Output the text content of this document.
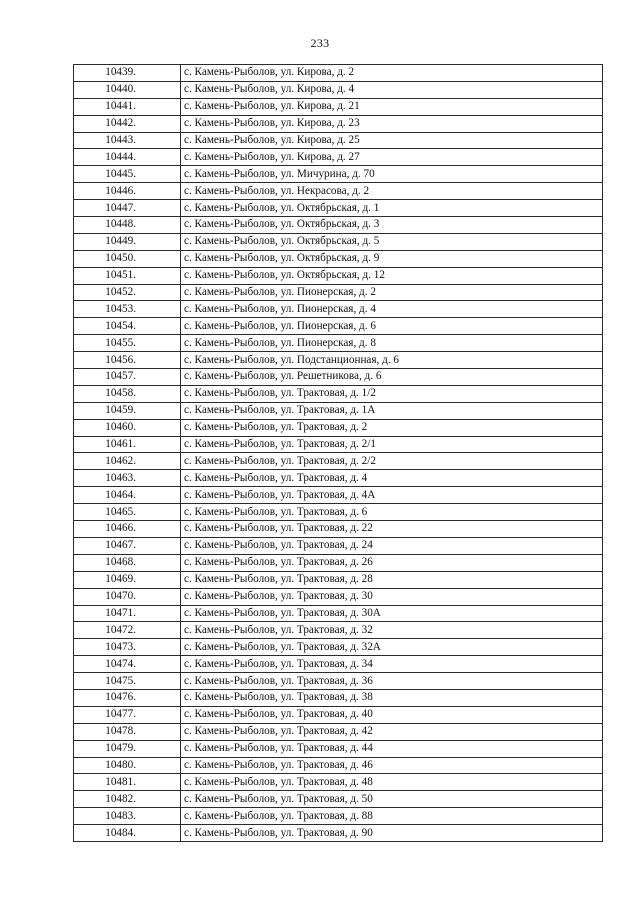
233
10439.	с. Камень-Рыболов, ул. Кирова, д. 2
10440.	с. Камень-Рыболов, ул. Кирова, д. 4
10441.	с. Камень-Рыболов, ул. Кирова, д. 21
10442.	с. Камень-Рыболов, ул. Кирова, д. 23
10443.	с. Камень-Рыболов, ул. Кирова, д. 25
10444.	с. Камень-Рыболов, ул. Кирова, д. 27
10445.	с. Камень-Рыболов, ул. Мичурина, д. 70
10446.	с. Камень-Рыболов, ул. Некрасова, д. 2
10447.	с. Камень-Рыболов, ул. Октябрьская, д. 1
10448.	с. Камень-Рыболов, ул. Октябрьская, д. 3
10449.	с. Камень-Рыболов, ул. Октябрьская, д. 5
10450.	с. Камень-Рыболов, ул. Октябрьская, д. 9
10451.	с. Камень-Рыболов, ул. Октябрьская, д. 12
10452.	с. Камень-Рыболов, ул. Пионерская, д. 2
10453.	с. Камень-Рыболов, ул. Пионерская, д. 4
10454.	с. Камень-Рыболов, ул. Пионерская, д. 6
10455.	с. Камень-Рыболов, ул. Пионерская, д. 8
10456.	с. Камень-Рыболов, ул. Подстанционная, д. 6
10457.	с. Камень-Рыболов, ул. Решетникова, д. 6
10458.	с. Камень-Рыболов, ул. Трактовая, д. 1/2
10459.	с. Камень-Рыболов, ул. Трактовая, д. 1А
10460.	с. Камень-Рыболов, ул. Трактовая, д. 2
10461.	с. Камень-Рыболов, ул. Трактовая, д. 2/1
10462.	с. Камень-Рыболов, ул. Трактовая, д. 2/2
10463.	с. Камень-Рыболов, ул. Трактовая, д. 4
10464.	с. Камень-Рыболов, ул. Трактовая, д. 4А
10465.	с. Камень-Рыболов, ул. Трактовая, д. 6
10466.	с. Камень-Рыболов, ул. Трактовая, д. 22
10467.	с. Камень-Рыболов, ул. Трактовая, д. 24
10468.	с. Камень-Рыболов, ул. Трактовая, д. 26
10469.	с. Камень-Рыболов, ул. Трактовая, д. 28
10470.	с. Камень-Рыболов, ул. Трактовая, д. 30
10471.	с. Камень-Рыболов, ул. Трактовая, д. 30А
10472.	с. Камень-Рыболов, ул. Трактовая, д. 32
10473.	с. Камень-Рыболов, ул. Трактовая, д. 32А
10474.	с. Камень-Рыболов, ул. Трактовая, д. 34
10475.	с. Камень-Рыболов, ул. Трактовая, д. 36
10476.	с. Камень-Рыболов, ул. Трактовая, д. 38
10477.	с. Камень-Рыболов, ул. Трактовая, д. 40
10478.	с. Камень-Рыболов, ул. Трактовая, д. 42
10479.	с. Камень-Рыболов, ул. Трактовая, д. 44
10480.	с. Камень-Рыболов, ул. Трактовая, д. 46
10481.	с. Камень-Рыболов, ул. Трактовая, д. 48
10482.	с. Камень-Рыболов, ул. Трактовая, д. 50
10483.	с. Камень-Рыболов, ул. Трактовая, д. 88
10484.	с. Камень-Рыболов, ул. Трактовая, д. 90
